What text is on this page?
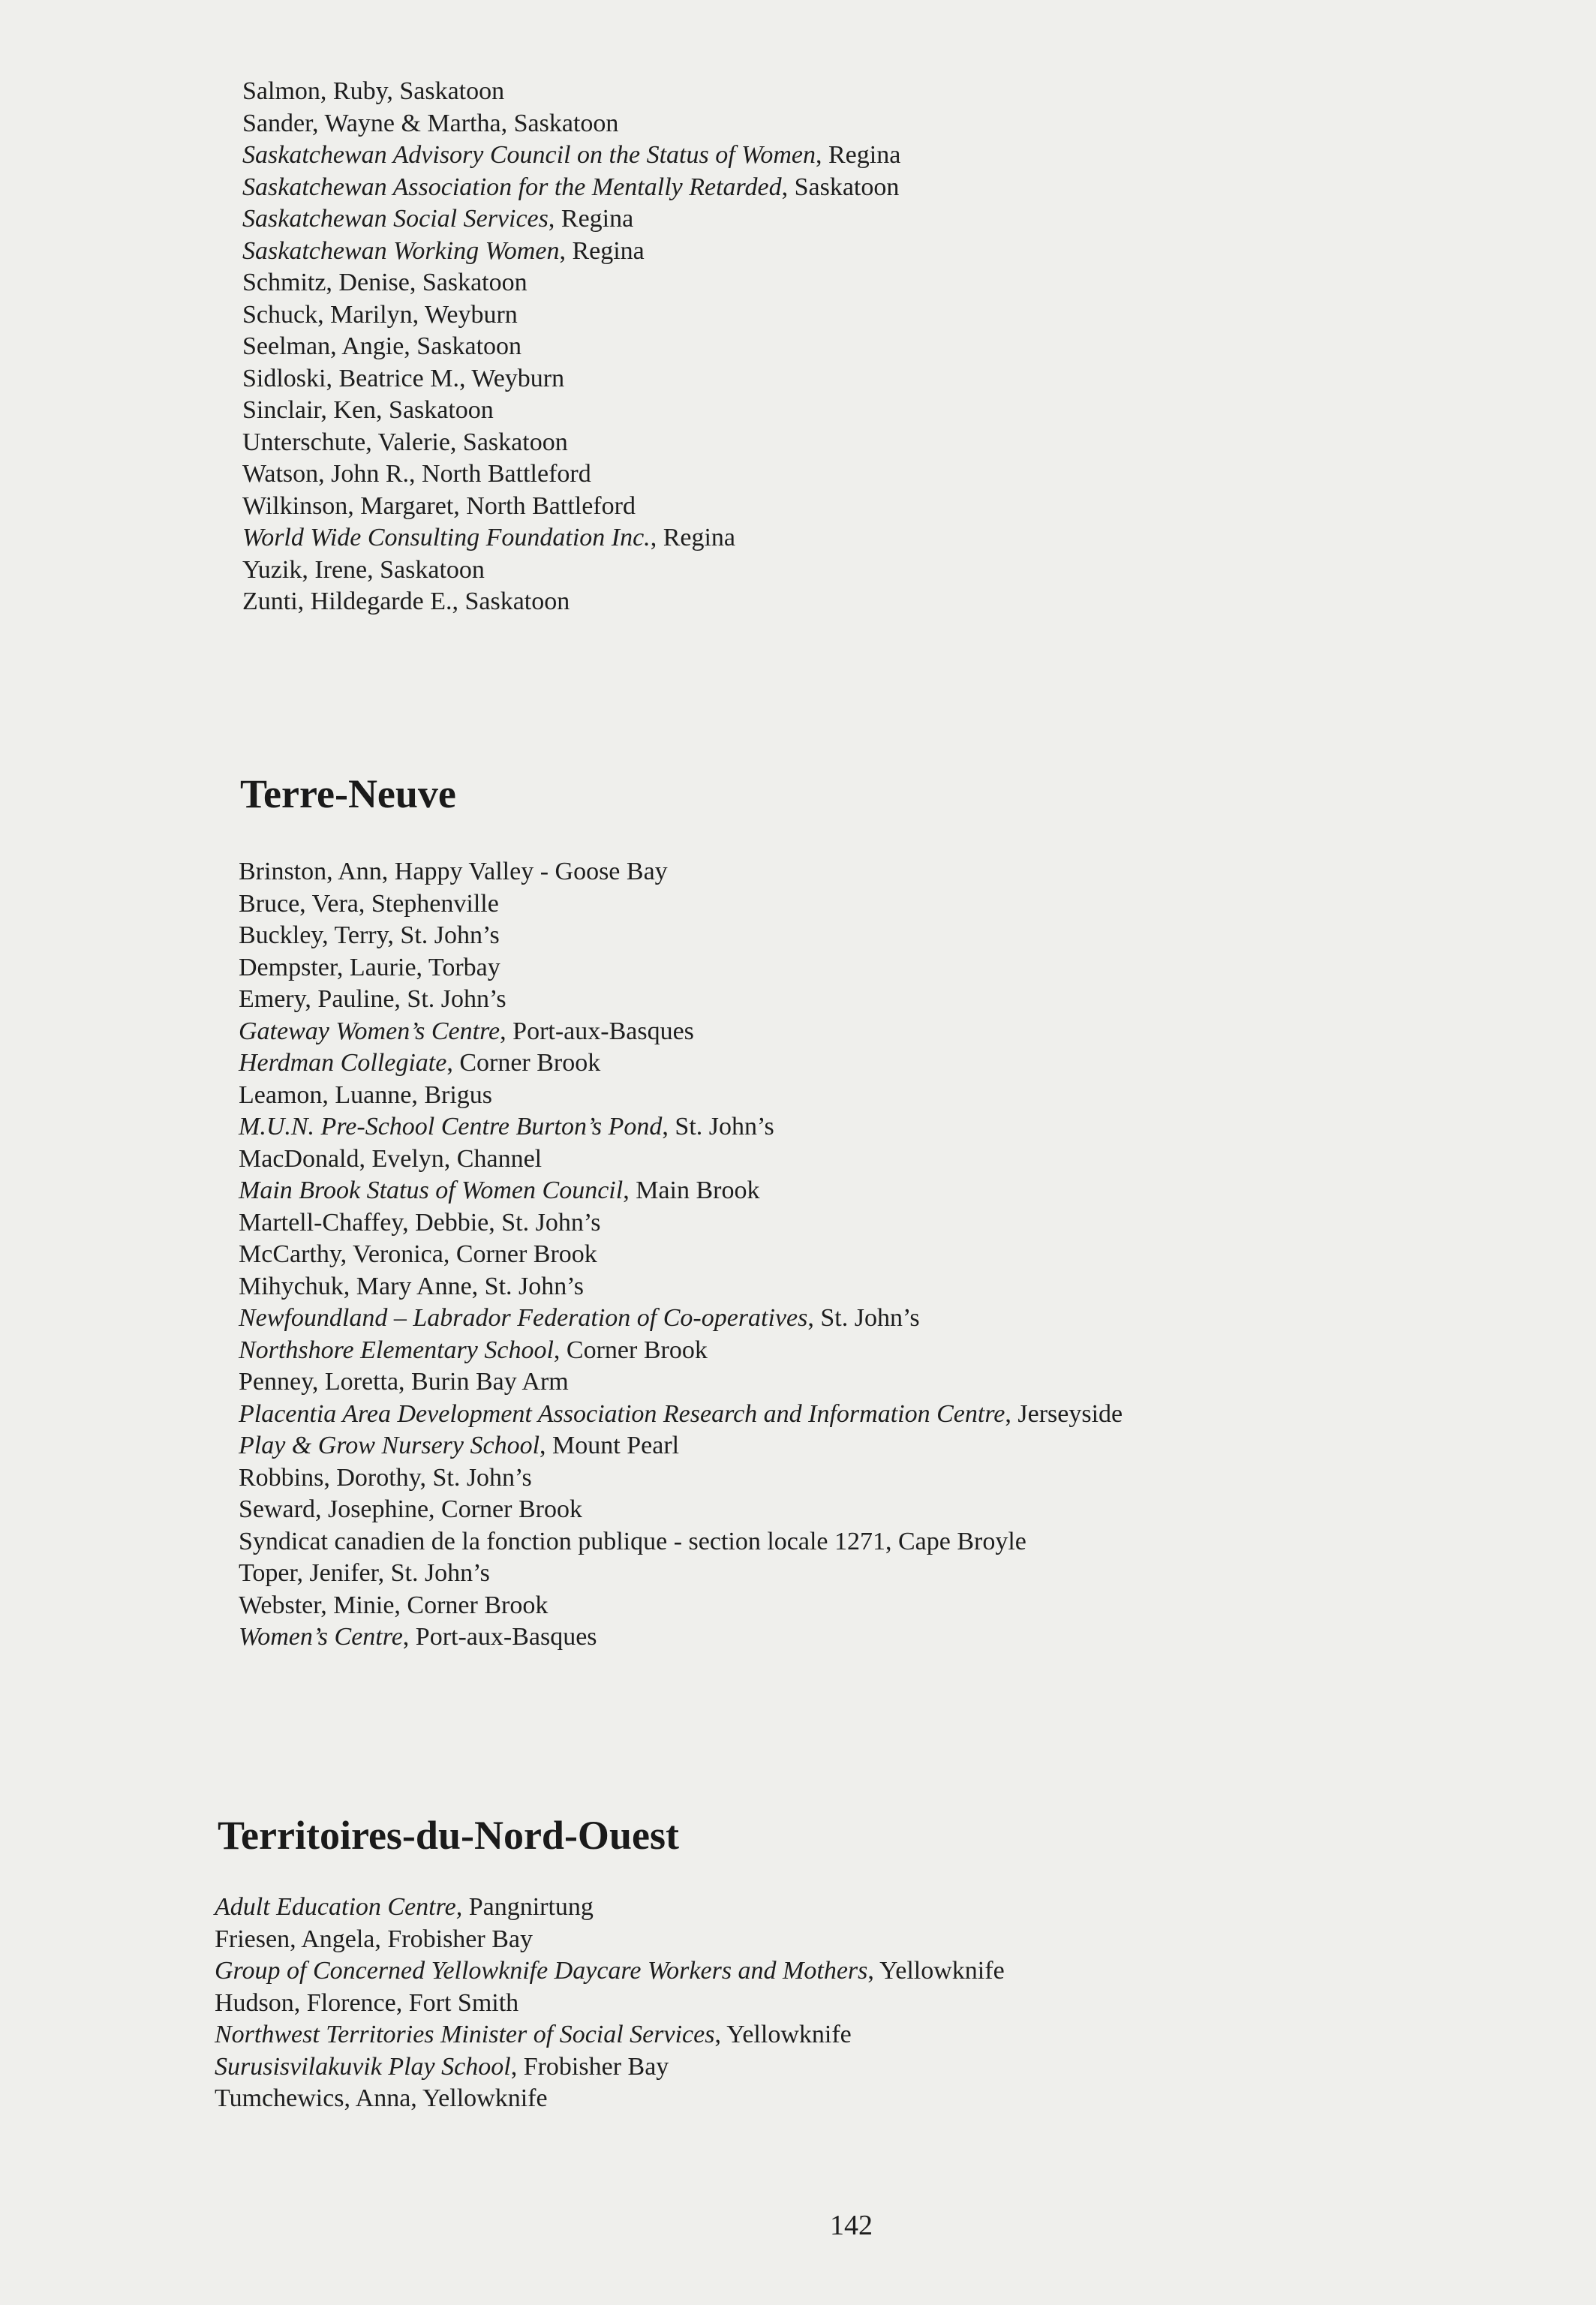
Salmon, Ruby, Saskatoon

Sander, Wayne & Martha, Saskatoon

Saskatchewan Advisory Council on the Status of Women, Regina

Saskatchewan Association for the Mentally Retarded, Saskatoon

Saskatchewan Social Services, Regina

Saskatchewan Working Women, Regina

Schmitz, Denise, Saskatoon

Schuck, Marilyn, Weyburn

Seelman, Angie, Saskatoon

Sidloski, Beatrice M., Weyburn

Sinclair, Ken, Saskatoon

Unterschute, Valerie, Saskatoon

Watson, John R., North Battleford

Wilkinson, Margaret, North Battleford

World Wide Consulting Foundation Inc., Regina

Yuzik, Irene, Saskatoon

Zunti, Hildegarde E., Saskatoon

Terre-Neuve

Brinston, Ann, Happy Valley - Goose Bay

Bruce, Vera, Stephenville

Buckley, Terry, St. John’s

Dempster, Laurie, Torbay

Emery, Pauline, St. John’s

Gateway Women’s Centre, Port-aux-Basques

Herdman Collegiate, Corner Brook

Leamon, Luanne, Brigus

M.U.N. Pre-School Centre Burton’s Pond, St. John’s

MacDonald, Evelyn, Channel

Main Brook Status of Women Council, Main Brook

Martell-Chaffey, Debbie, St. John’s

McCarthy, Veronica, Corner Brook

Mihychuk, Mary Anne, St. John’s

Newfoundland – Labrador Federation of Co-operatives, St. John’s

Northshore Elementary School, Corner Brook

Penney, Loretta, Burin Bay Arm

Placentia Area Development Association Research and Information Centre, Jerseyside

Play & Grow Nursery School, Mount Pearl

Robbins, Dorothy, St. John’s

Seward, Josephine, Corner Brook

Syndicat canadien de la fonction publique - section locale 1271, Cape Broyle

Toper, Jenifer, St. John’s

Webster, Minie, Corner Brook

Women’s Centre, Port-aux-Basques

Territoires-du-Nord-Ouest

Adult Education Centre, Pangnirtung

Friesen, Angela, Frobisher Bay

Group of Concerned Yellowknife Daycare Workers and Mothers, Yellowknife

Hudson, Florence, Fort Smith

Northwest Territories Minister of Social Services, Yellowknife

Surusisvilakuvik Play School, Frobisher Bay

Tumchewics, Anna, Yellowknife

142
